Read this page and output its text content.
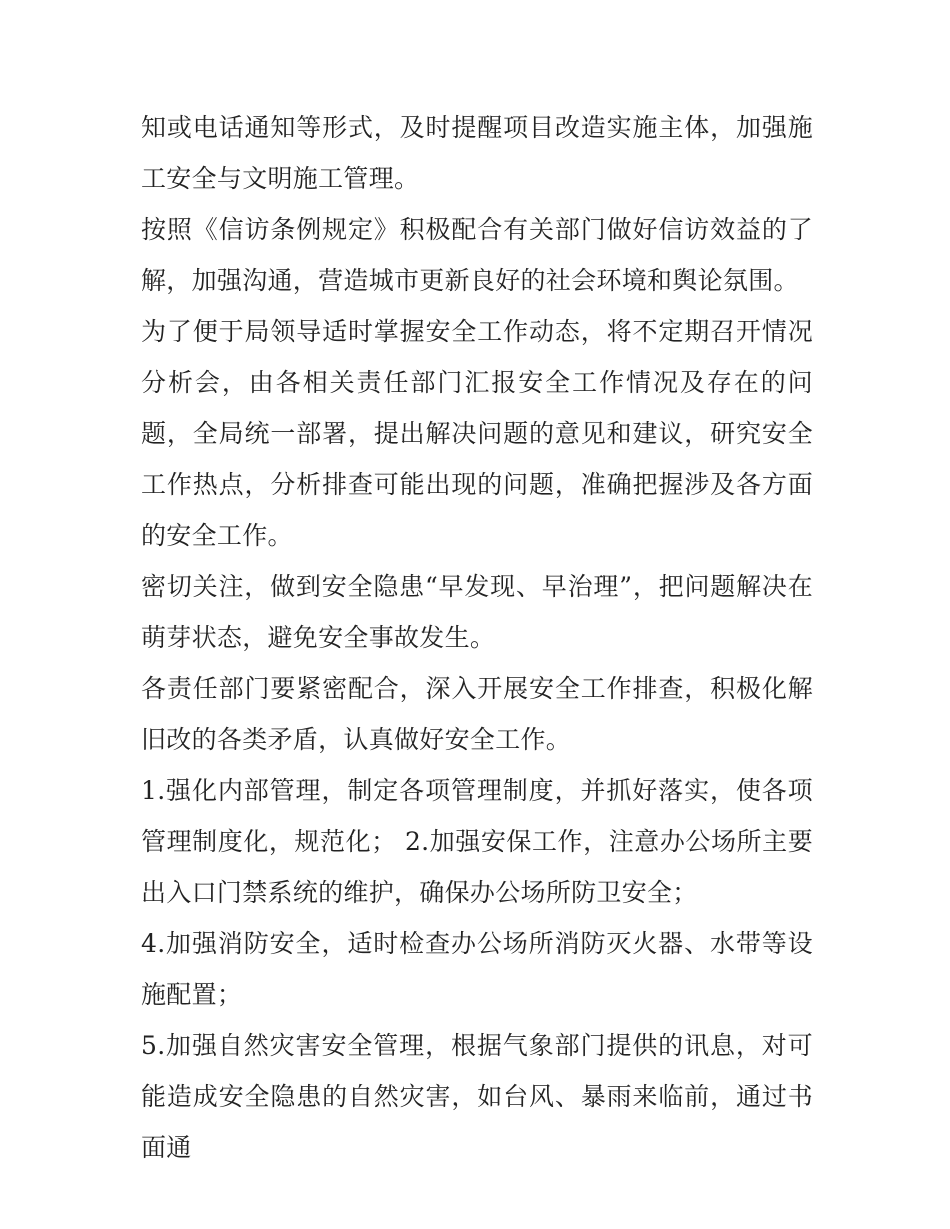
知或电话通知等形式，及时提醒项目改造实施主体，加强施工安全与文明施工管理。

按照《信访条例规定》积极配合有关部门做好信访效益的了解，加强沟通，营造城市更新良好的社会环境和舆论氛围。

为了便于局领导适时掌握安全工作动态，将不定期召开情况分析会，由各相关责任部门汇报安全工作情况及存在的问题，全局统一部署，提出解决问题的意见和建议，研究安全工作热点，分析排查可能出现的问题，准确把握涉及各方面的安全工作。

密切关注，做到安全隐患“早发现、早治理”，把问题解决在萌芽状态，避免安全事故发生。

各责任部门要紧密配合，深入开展安全工作排查，积极化解旧改的各类矛盾，认真做好安全工作。

1.强化内部管理，制定各项管理制度，并抓好落实，使各项管理制度化，规范化； 2.加强安保工作，注意办公场所主要出入口门禁系统的维护，确保办公场所防卫安全；

4.加强消防安全，适时检查办公场所消防灭火器、水带等设施配置；

5.加强自然灾害安全管理，根据气象部门提供的讯息，对可能造成安全隐患的自然灾害，如台风、暴雨来临前，通过书面通
